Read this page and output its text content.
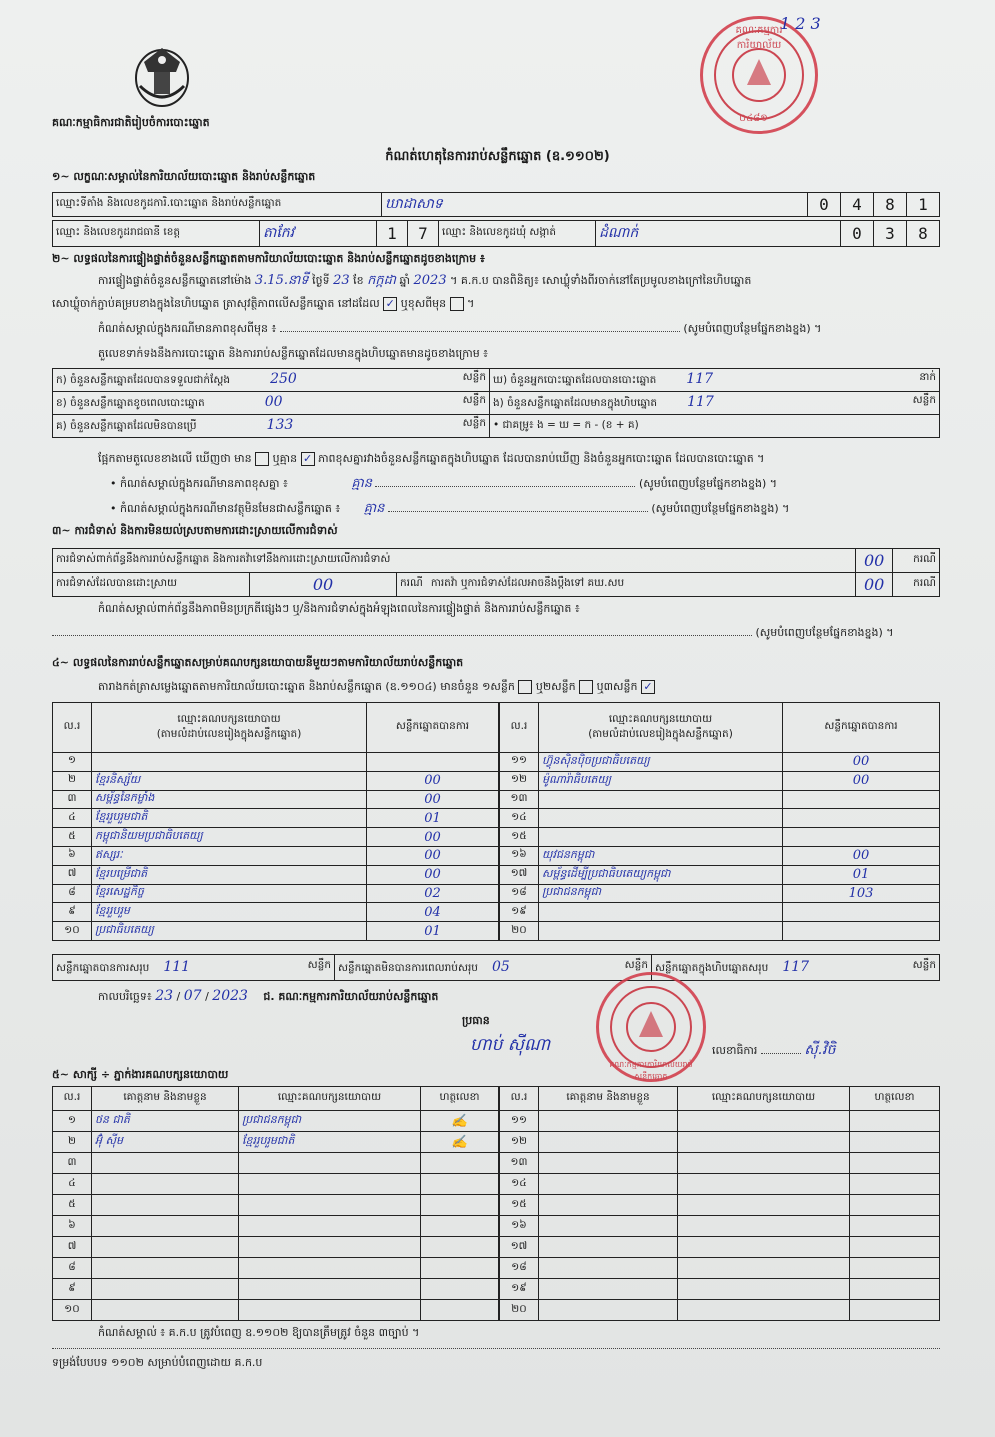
គណៈកម្មាធិការជាតិរៀបចំការបោះឆ្នោត
គណៈកម្មការការិយាល័យ
០៤៨១
1 2 3
កំណត់ហេតុនៃការរាប់សន្លឹកឆ្នោត (ឧ.១១០២)
១~ លក្ខណៈសម្គាល់នៃការិយាល័យបោះឆ្នោត និងរាប់សន្លឹកឆ្នោត
ឈ្មោះទីតាំង និងលេខកូដការិ.បោះឆ្នោត និងរាប់សន្លឹកឆ្នោត	ឃាដាសាទ	0	4	8	1
ឈ្មោះ និងលេខកូដរាជធានី ខេត្ត	តាកែវ	1	7	ឈ្មោះ និងលេខកូដឃុំ សង្កាត់	ដំណាក់	0	3	8
២~ លទ្ធផលនៃការផ្ទៀងផ្ទាត់ចំនួនសន្លឹកឆ្នោតតាមការិយាល័យបោះឆ្នោត និងរាប់សន្លឹកឆ្នោតដូចខាងក្រោម ៖
ការផ្ទៀងផ្ទាត់ចំនួនសន្លឹកឆ្នោតនៅម៉ោង 3.15.នាទី ថ្ងៃទី 23 ខែ កក្កដា ឆ្នាំ 2023 ។ គ.ក.ប បានពិនិត្យ៖ សោឃ្លុំទាំងពីរចាក់នៅតែប្រមូលខាងក្រៅនៃហិបឆ្នោត
សោឃ្លុំចាក់ភ្ជាប់គម្របខាងក្នុងនៃហិបឆ្នោត ត្រាសុវត្ថិភាពលើសន្លឹកឆ្នោត នៅដដែល ✓ ឬខុសពីមុន ។
កំណត់សម្គាល់ក្នុងករណីមានភាពខុសពីមុន ៖	(សូមបំពេញបន្ថែមផ្នែកខាងខ្នង) ។
តួលេខទាក់ទងនឹងការបោះឆ្នោត និងការរាប់សន្លឹកឆ្នោតដែលមានក្នុងហិបឆ្នោតមានដូចខាងក្រោម ៖
ក) ចំនួនសន្លឹកឆ្នោតដែលបានទទួលជាក់ស្តែង 250 សន្លឹក	ឃ) ចំនួនអ្នកបោះឆ្នោតដែលបានបោះឆ្នោត 117 នាក់

ខ) ចំនួនសន្លឹកឆ្នោតខូចពេលបោះឆ្នោត 00 សន្លឹក	ង) ចំនួនសន្លឹកឆ្នោតដែលមានក្នុងហិបឆ្នោត 117 សន្លឹក

គ) ចំនួនសន្លឹកឆ្នោតដែលមិនបានប្រើ 133 សន្លឹក	• ជាគម្រូ៖ ង = ឃ = ក - (ខ + គ)
ផ្អែកតាមតួលេខខាងលើ ឃើញថា មាន ឬគ្មាន ✓ ភាពខុសគ្នារវាងចំនួនសន្លឹកឆ្នោតក្នុងហិបឆ្នោត ដែលបានរាប់ឃើញ និងចំនួនអ្នកបោះឆ្នោត ដែលបានបោះឆ្នោត ។
• កំណត់សម្គាល់ក្នុងករណីមានភាពខុសគ្នា ៖	គ្មាន	(សូមបំពេញបន្ថែមផ្នែកខាងខ្នង) ។
• កំណត់សម្គាល់ក្នុងករណីមានវត្ថុមិនមែនជាសន្លឹកឆ្នោត ៖ គ្មាន	(សូមបំពេញបន្ថែមផ្នែកខាងខ្នង) ។
៣~ ការជំទាស់ និងការមិនយល់ស្របតាមការដោះស្រាយលើការជំទាស់
ការជំទាស់ពាក់ព័ន្ធនឹងការរាប់សន្លឹកឆ្នោត និងការតវ៉ាទៅនឹងការដោះស្រាយលើការជំទាស់			00	ករណី
ការជំទាស់ដែលបានដោះស្រាយ	00	ករណី ការតវ៉ា ឬការជំទាស់ដែលអាចនឹងប្តឹងទៅ គឃ.សប	00	ករណី
កំណត់សម្គាល់ពាក់ព័ន្ធនឹងភាពមិនប្រក្រតីផ្សេងៗ ឬ/និងការជំទាស់ក្នុងអំឡុងពេលនៃការផ្ទៀងផ្ទាត់ និងការរាប់សន្លឹកឆ្នោត ៖
(សូមបំពេញបន្ថែមផ្នែកខាងខ្នង) ។
៤~ លទ្ធផលនៃការរាប់សន្លឹកឆ្នោតសម្រាប់គណបក្សនយោបាយនីមួយៗតាមការិយាល័យរាប់សន្លឹកឆ្នោត
តារាងកត់ត្រាសម្លេងឆ្នោតតាមការិយាល័យបោះឆ្នោត និងរាប់សន្លឹកឆ្នោត (ឧ.១១០៤) មានចំនួន ១សន្លឹក ឬ២សន្លឹក ឬ៣សន្លឹក ✓
ល.រ	ឈ្មោះគណបក្សនយោបាយ
(តាមលំដាប់លេខរៀងក្នុងសន្លឹកឆ្នោត)	សន្លឹកឆ្នោតបានការ
១		
២	ខ្មែរនិស្ស័យ	00
៣	សម្ព័ន្ធនៃកម្លាំង	00
៤	ខ្មែររួបរួមជាតិ	01
៥	កម្ពុជានិយមប្រជាធិបតេយ្យ	00
៦	ឥស្សរៈ	00
៧	ខ្មែរបម្រើជាតិ	00
៨	ខ្មែរសេដ្ឋកិច្ច	02
៩	ខ្មែររួបរួម	04
១០	ប្រជាធិបតេយ្យ	01
ល.រ	ឈ្មោះគណបក្សនយោបាយ
(តាមលំដាប់លេខរៀងក្នុងសន្លឹកឆ្នោត)	សន្លឹកឆ្នោតបានការ
១១	ហ៊្វុនស៊ិនប៉ិចប្រជាធិបតេយ្យ	00
១២	ម៉ូណារ៉ាធិបតេយ្យ	00
១៣		
១៤		
១៥		
១៦	យុវជនកម្ពុជា	00
១៧	សម្ព័ន្ធដើម្បីប្រជាធិបតេយ្យកម្ពុជា	01
១៨	ប្រជាជនកម្ពុជា	103
១៩		
២០		
សន្លឹកឆ្នោតបានការសរុប 111	សន្លឹក	សន្លឹកឆ្នោតមិនបានការពេលរាប់សរុប 05	សន្លឹក	សន្លឹកឆ្នោតក្នុងហិបឆ្នោតសរុប 117	សន្លឹក
កាលបរិច្ឆេទ៖ 23 / 07 / 2023 ជ. គណៈកម្មការការិយាល័យរាប់សន្លឹកឆ្នោត
ប្រធាន
ហាប់ ស៊ីណា	លេខាធិការ	ស៊ី.វិចិ
គណៈកម្មការការិយាល័យរាប់សន្លឹកឆ្នោត
៥~ សាក្សី ÷ ភ្នាក់ងារគណបក្សនយោបាយ
ល.រ	គោត្តនាម និងនាមខ្លួន	ឈ្មោះគណបក្សនយោបាយ	ហត្ថលេខា
១	ថន ជាតិ	ប្រជាជនកម្ពុជា	✍
២	អ៊ុំ ស៊ីម	ខ្មែររួបរួមជាតិ	✍
៣			
៤			
៥			
៦			
៧			
៨			
៩			
១០			
ល.រ	គោត្តនាម និងនាមខ្លួន	ឈ្មោះគណបក្សនយោបាយ	ហត្ថលេខា
១១			
១២			
១៣			
១៤			
១៥			
១៦			
១៧			
១៨			
១៩			
២០			
កំណត់សម្គាល់ ៖ គ.ក.ប ត្រូវបំពេញ ឧ.១១០២ ឱ្យបានត្រឹមត្រូវ ចំនួន ៣ច្បាប់ ។
ទម្រង់បែបបទ ១១០២ សម្រាប់បំពេញដោយ គ.ក.ប
